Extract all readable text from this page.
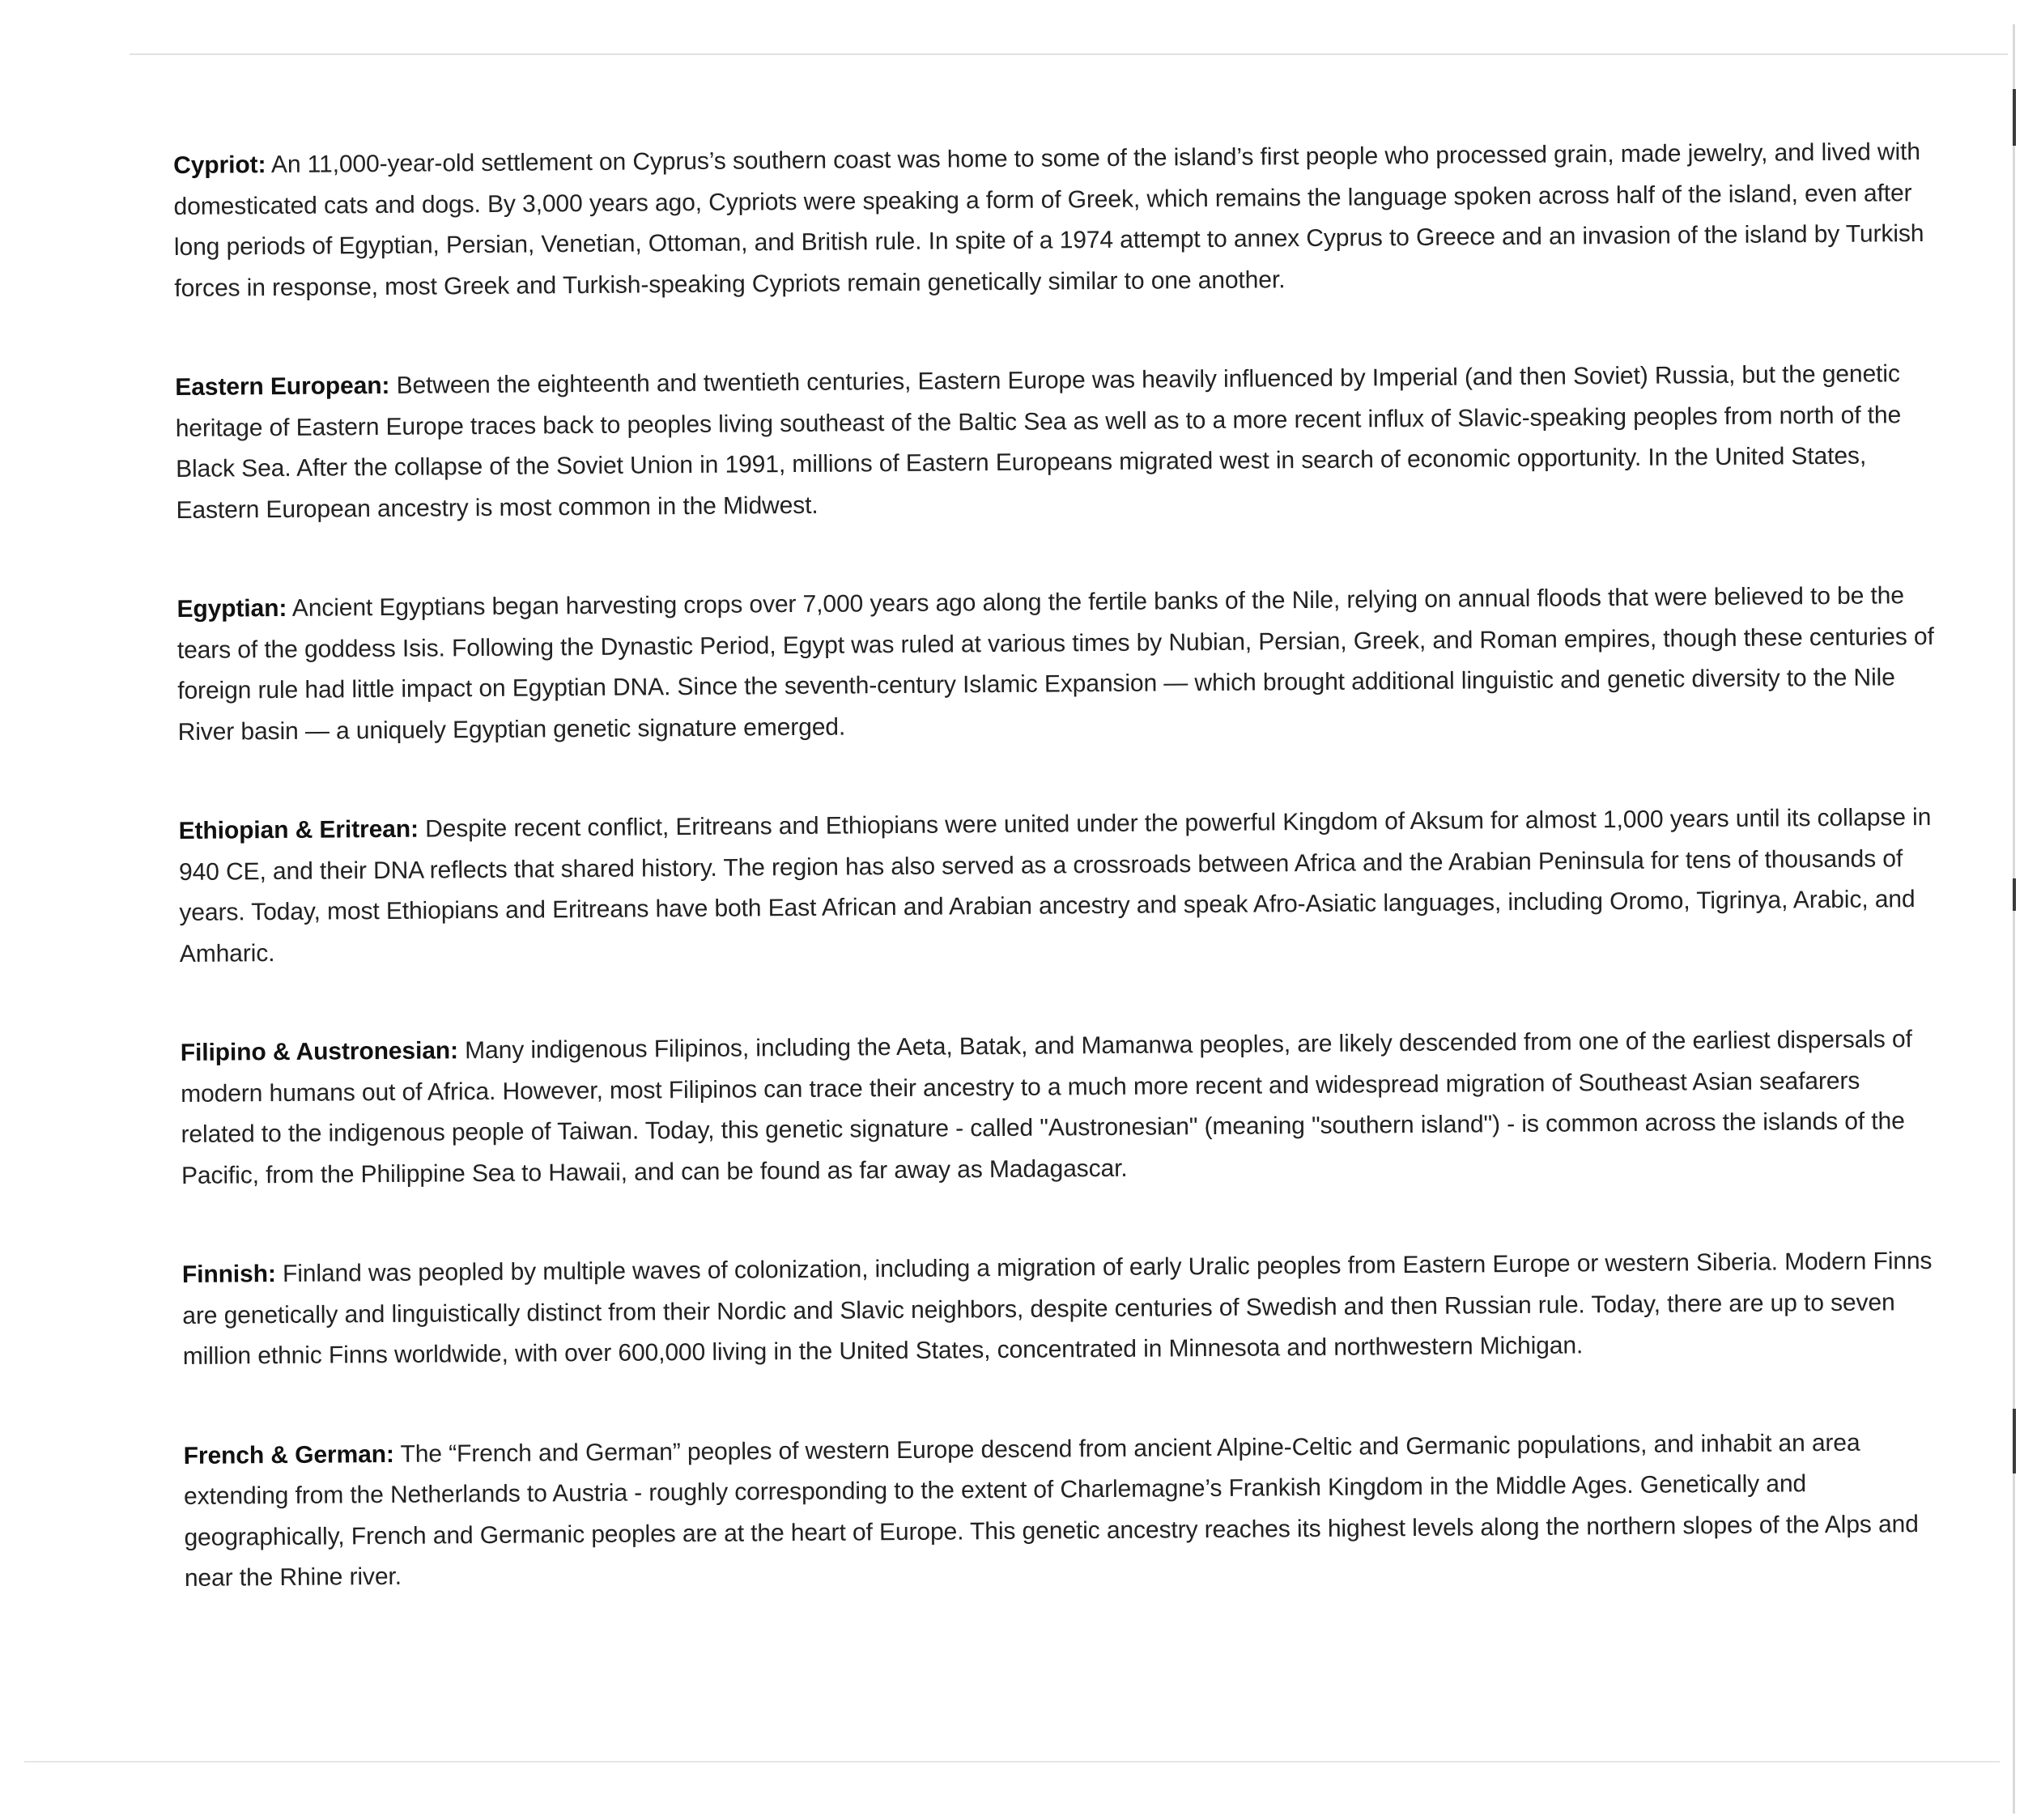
Cypriot: An 11,000-year-old settlement on Cyprus’s southern coast was home to some of the island’s first people who processed grain, made jewelry, and lived with domesticated cats and dogs. By 3,000 years ago, Cypriots were speaking a form of Greek, which remains the language spoken across half of the island, even after long periods of Egyptian, Persian, Venetian, Ottoman, and British rule. In spite of a 1974 attempt to annex Cyprus to Greece and an invasion of the island by Turkish forces in response, most Greek and Turkish-speaking Cypriots remain genetically similar to one another.

Eastern European: Between the eighteenth and twentieth centuries, Eastern Europe was heavily influenced by Imperial (and then Soviet) Russia, but the genetic heritage of Eastern Europe traces back to peoples living southeast of the Baltic Sea as well as to a more recent influx of Slavic-speaking peoples from north of the Black Sea. After the collapse of the Soviet Union in 1991, millions of Eastern Europeans migrated west in search of economic opportunity. In the United States, Eastern European ancestry is most common in the Midwest.

Egyptian: Ancient Egyptians began harvesting crops over 7,000 years ago along the fertile banks of the Nile, relying on annual floods that were believed to be the tears of the goddess Isis. Following the Dynastic Period, Egypt was ruled at various times by Nubian, Persian, Greek, and Roman empires, though these centuries of foreign rule had little impact on Egyptian DNA. Since the seventh-century Islamic Expansion — which brought additional linguistic and genetic diversity to the Nile River basin — a uniquely Egyptian genetic signature emerged.

Ethiopian & Eritrean: Despite recent conflict, Eritreans and Ethiopians were united under the powerful Kingdom of Aksum for almost 1,000 years until its collapse in 940 CE, and their DNA reflects that shared history. The region has also served as a crossroads between Africa and the Arabian Peninsula for tens of thousands of years. Today, most Ethiopians and Eritreans have both East African and Arabian ancestry and speak Afro-Asiatic languages, including Oromo, Tigrinya, Arabic, and Amharic.

Filipino & Austronesian: Many indigenous Filipinos, including the Aeta, Batak, and Mamanwa peoples, are likely descended from one of the earliest dispersals of modern humans out of Africa. However, most Filipinos can trace their ancestry to a much more recent and widespread migration of Southeast Asian seafarers related to the indigenous people of Taiwan. Today, this genetic signature - called "Austronesian" (meaning "southern island") - is common across the islands of the Pacific, from the Philippine Sea to Hawaii, and can be found as far away as Madagascar.

Finnish: Finland was peopled by multiple waves of colonization, including a migration of early Uralic peoples from Eastern Europe or western Siberia. Modern Finns are genetically and linguistically distinct from their Nordic and Slavic neighbors, despite centuries of Swedish and then Russian rule. Today, there are up to seven million ethnic Finns worldwide, with over 600,000 living in the United States, concentrated in Minnesota and northwestern Michigan.

French & German: The “French and German” peoples of western Europe descend from ancient Alpine-Celtic and Germanic populations, and inhabit an area extending from the Netherlands to Austria - roughly corresponding to the extent of Charlemagne’s Frankish Kingdom in the Middle Ages. Genetically and geographically, French and Germanic peoples are at the heart of Europe. This genetic ancestry reaches its highest levels along the northern slopes of the Alps and near the Rhine river.
